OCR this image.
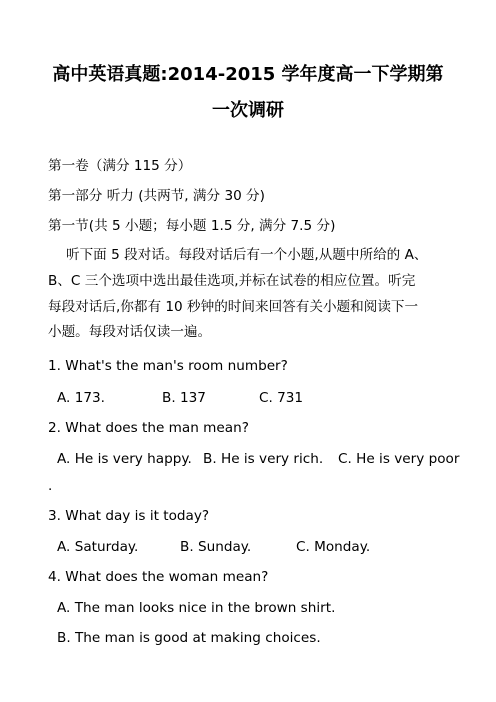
高中英语真题:2014-2015 学年度高一下学期第
一次调研
第一卷（满分 115 分）
第一部分 听力 (共两节, 满分 30 分)
第一节(共 5 小题；每小题 1.5 分, 满分 7.5 分)
听下面 5 段对话。每段对话后有一个小题,从题中所给的 A、
B、C 三个选项中选出最佳选项,并标在试卷的相应位置。听完
每段对话后,你都有 10 秒钟的时间来回答有关小题和阅读下一
小题。每段对话仅读一遍。
1. What's the man's room number?
A. 173.	B. 137	C. 731
2. What does the man mean?
A. He is very happy. B. He is very rich. C. He is very poor
.
3. What day is it today?
A. Saturday.	B. Sunday.	C. Monday.
4. What does the woman mean?
A. The man looks nice in the brown shirt.
B. The man is good at making choices.
